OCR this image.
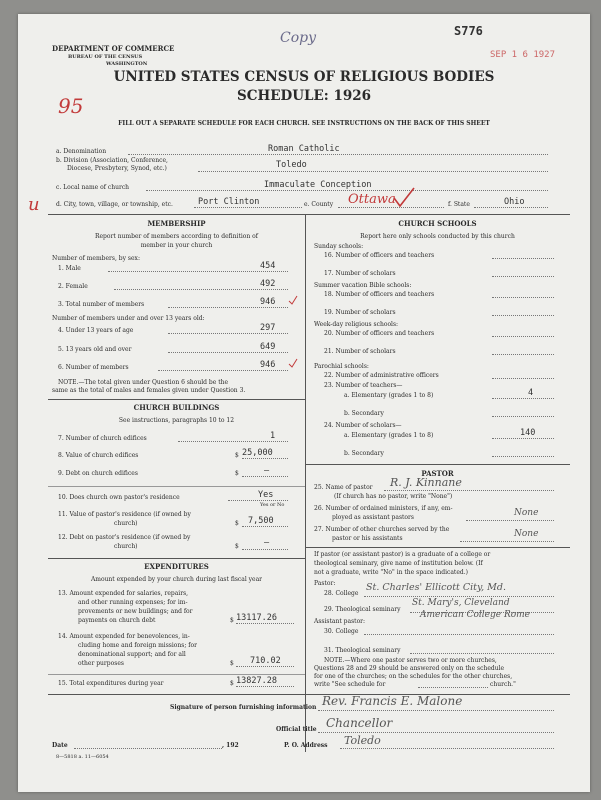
DEPARTMENT OF COMMERCE
BUREAU OF THE CENSUS
WASHINGTON
Copy	S776
SEP 1 6 1927
UNITED STATES CENSUS OF RELIGIOUS BODIES
SCHEDULE: 1926
95
FILL OUT A SEPARATE SCHEDULE FOR EACH CHURCH. SEE INSTRUCTIONS ON THE BACK OF THIS SHEET
a. Denomination	Roman Catholic
b. Division (Association, Conference,
Diocese, Presbytery, Synod, etc.)	Toledo
c. Local name of church	Immaculate Conception
u	d. City, town, village, or township, etc.	Port Clinton	e. County Ottawa	f. State	Ohio
MEMBERSHIP
Report number of members according to definition of
member in your church
Number of members, by sex:
1. Male	454
2. Female	492
3. Total number of members	946
Number of members under and over 13 years old:
4. Under 13 years of age	297
5. 13 years old and over	649
6. Number of members	946
NOTE.—The total given under Question 6 should be the
same as the total of males and females given under Question 3.
CHURCH BUILDINGS
See instructions, paragraphs 10 to 12
7. Number of church edifices	1
8. Value of church edifices	$ 25,000
9. Debt on church edifices	$	—
10. Does church own pastor's residence	Yes
Yes or No
11. Value of pastor's residence (if owned by
church)	$ 7,500
12. Debt on pastor's residence (if owned by
church)	$	—
EXPENDITURES
Amount expended by your church during last fiscal year
13. Amount expended for salaries, repairs,
and other running expenses; for im-
provements or new buildings; and for
payments on church debt	$ 13117.26
14. Amount expended for benevolences, in-
cluding home and foreign missions; for
denominational support; and for all
other purposes	$ 710.02
15. Total expenditures during year	$ 13827.28
CHURCH SCHOOLS
Report here only schools conducted by this church
Sunday schools:
16. Number of officers and teachers
17. Number of scholars
Summer vacation Bible schools:
18. Number of officers and teachers
19. Number of scholars
Week-day religious schools:
20. Number of officers and teachers
21. Number of scholars
Parochial schools:
22. Number of administrative officers
23. Number of teachers—
a. Elementary (grades 1 to 8)	4
b. Secondary
24. Number of scholars—
a. Elementary (grades 1 to 8)	140
b. Secondary
PASTOR
25. Name of pastor R. J. Kinnane
(If church has no pastor, write "None")
26. Number of ordained ministers, if any, em-
ployed as assistant pastors	None
27. Number of other churches served by the
pastor or his assistants	None
If pastor (or assistant pastor) is a graduate of a college or
theological seminary, give name of institution below. (If
not a graduate, write "No" in the space indicated.)
Pastor:
28. College
St. Charles' Ellicott City, Md.
29. Theological seminary
St. Mary's, Cleveland
American College Rome
Assistant pastor:
30. College
31. Theological seminary
NOTE.—Where one pastor serves two or more churches,
Questions 28 and 29 should be answered only on the schedule
for one of the churches; on the schedules for the other churches,
write "See schedule for	church."
Signature of person furnishing information Rev. Francis E. Malone
Official title Chancellor
Date	, 192	P. O. Address Toledo
8—5818 a. 11—6054
